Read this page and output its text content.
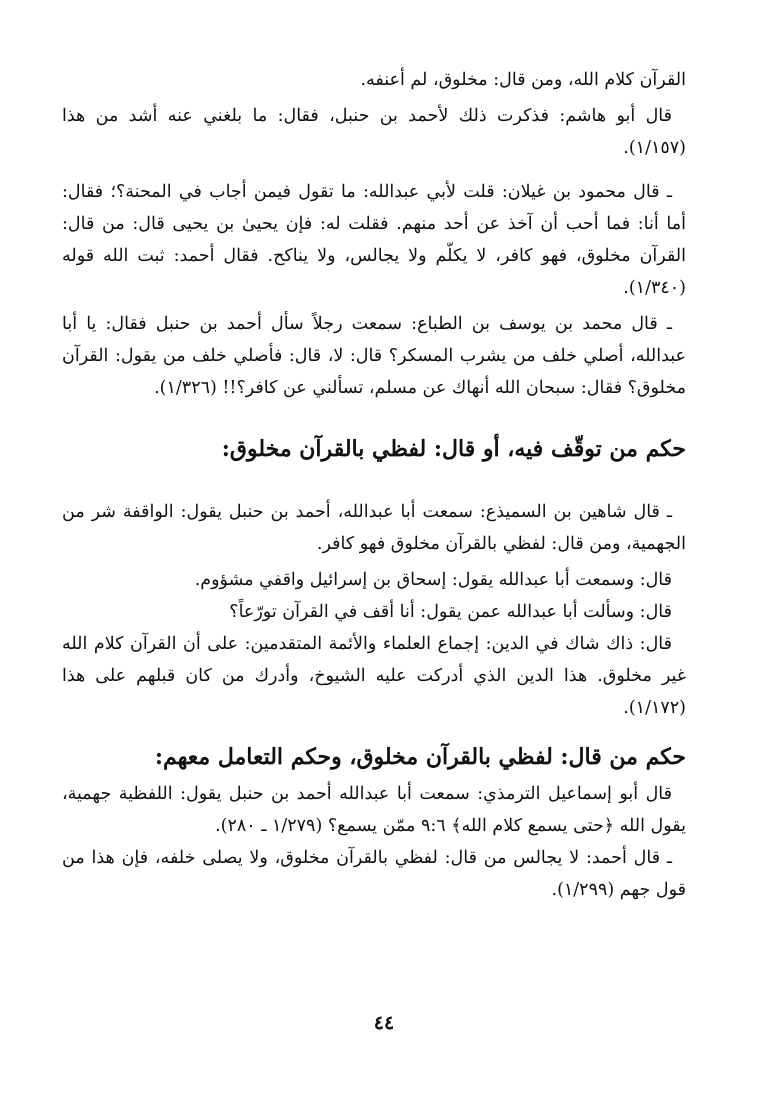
القرآن كلام الله، ومن قال: مخلوق، لم أعنفه.

قال أبو هاشم: فذكرت ذلك لأحمد بن حنبل، فقال: ما بلغني عنه أشد من هذا (١/١٥٧).

ـ قال محمود بن غيلان: قلت لأبي عبدالله: ما تقول فيمن أجاب في المحنة؟؛ فقال: أما أنا: فما أحب أن آخذ عن أحد منهم. فقلت له: فإن يحيىٰ بن يحيى قال: من قال: القرآن مخلوق، فهو كافر، لا يكلّم ولا يجالس، ولا يناكح. فقال أحمد: ثبت الله قوله (١/٣٤٠).

ـ قال محمد بن يوسف بن الطباع: سمعت رجلاً سأل أحمد بن حنبل فقال: يا أبا عبدالله، أصلي خلف من يشرب المسكر؟ قال: لا، قال: فأصلي خلف من يقول: القرآن مخلوق؟ فقال: سبحان الله أنهاك عن مسلم، تسألني عن كافر؟!! (١/٣٢٦).

حكم من توقّف فيه، أو قال: لفظي بالقرآن مخلوق:

ـ قال شاهين بن السميذع: سمعت أبا عبدالله، أحمد بن حنبل يقول: الواقفة شر من الجهمية، ومن قال: لفظي بالقرآن مخلوق فهو كافر.

قال: وسمعت أبا عبدالله يقول: إسحاق بن إسرائيل واقفي مشؤوم.

قال: وسألت أبا عبدالله عمن يقول: أنا أقف في القرآن تورّعاً؟

قال: ذاك شاك في الدين: إجماع العلماء والأئمة المتقدمين: على أن القرآن كلام الله غير مخلوق. هذا الدين الذي أدركت عليه الشيوخ، وأدرك من كان قبلهم على هذا (١/١٧٢).

حكم من قال: لفظي بالقرآن مخلوق، وحكم التعامل معهم:

قال أبو إسماعيل الترمذي: سمعت أبا عبدالله أحمد بن حنبل يقول: اللفظية جهمية، يقول الله ﴿حتى يسمع كلام الله﴾ ٩:٦ ممّن يسمع؟ (١/٢٧٩ ـ ٢٨٠).

ـ قال أحمد: لا يجالس من قال: لفظي بالقرآن مخلوق، ولا يصلى خلفه، فإن هذا من قول جهم (١/٢٩٩).

٤٤
